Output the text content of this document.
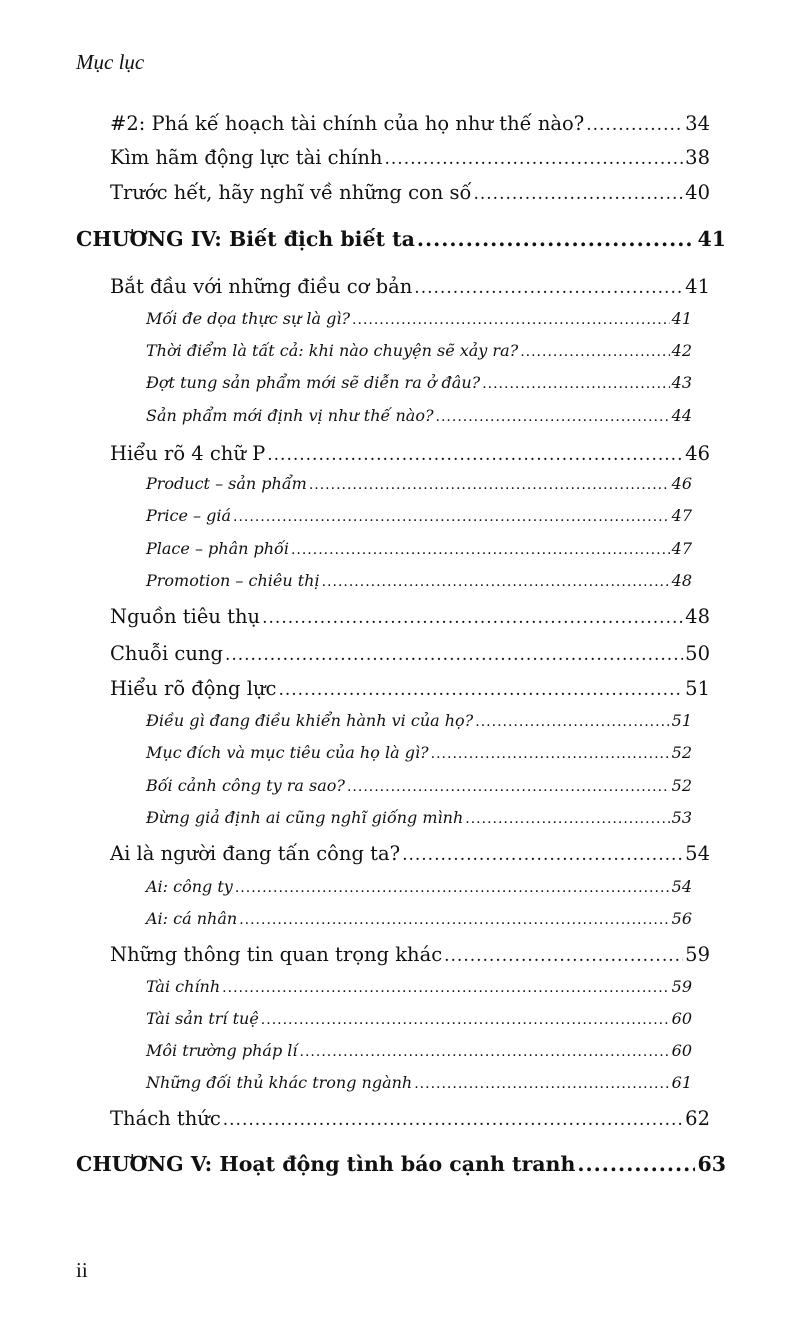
Mục lục
#2: Phá kế hoạch tài chính của họ như thế nào? .....	34
Kìm hãm động lực tài chính .....	38
Trước hết, hãy nghĩ về những con số .....	40
CHƯƠNG IV: Biết địch biết ta .....	41
Bắt đầu với những điều cơ bản .....	41
Mối đe dọa thực sự là gì? .....	41
Thời điểm là tất cả: khi nào chuyện sẽ xảy ra? .....	42
Đợt tung sản phẩm mới sẽ diễn ra ở đâu? .....	43
Sản phẩm mới định vị như thế nào? .....	44
Hiểu rõ 4 chữ P .....	46
Product – sản phẩm .....	46
Price – giá .....	47
Place – phân phối .....	47
Promotion – chiêu thị .....	48
Nguồn tiêu thụ .....	48
Chuỗi cung .....	50
Hiểu rõ động lực .....	51
Điều gì đang điều khiển hành vi của họ? .....	51
Mục đích và mục tiêu của họ là gì? .....	52
Bối cảnh công ty ra sao? .....	52
Đừng giả định ai cũng nghĩ giống mình .....	53
Ai là người đang tấn công ta? .....	54
Ai: công ty .....	54
Ai: cá nhân .....	56
Những thông tin quan trọng khác .....	59
Tài chính .....	59
Tài sản trí tuệ .....	60
Môi trường pháp lí .....	60
Những đối thủ khác trong ngành .....	61
Thách thức .....	62
CHƯƠNG V: Hoạt động tình báo cạnh tranh .....	63
ii
